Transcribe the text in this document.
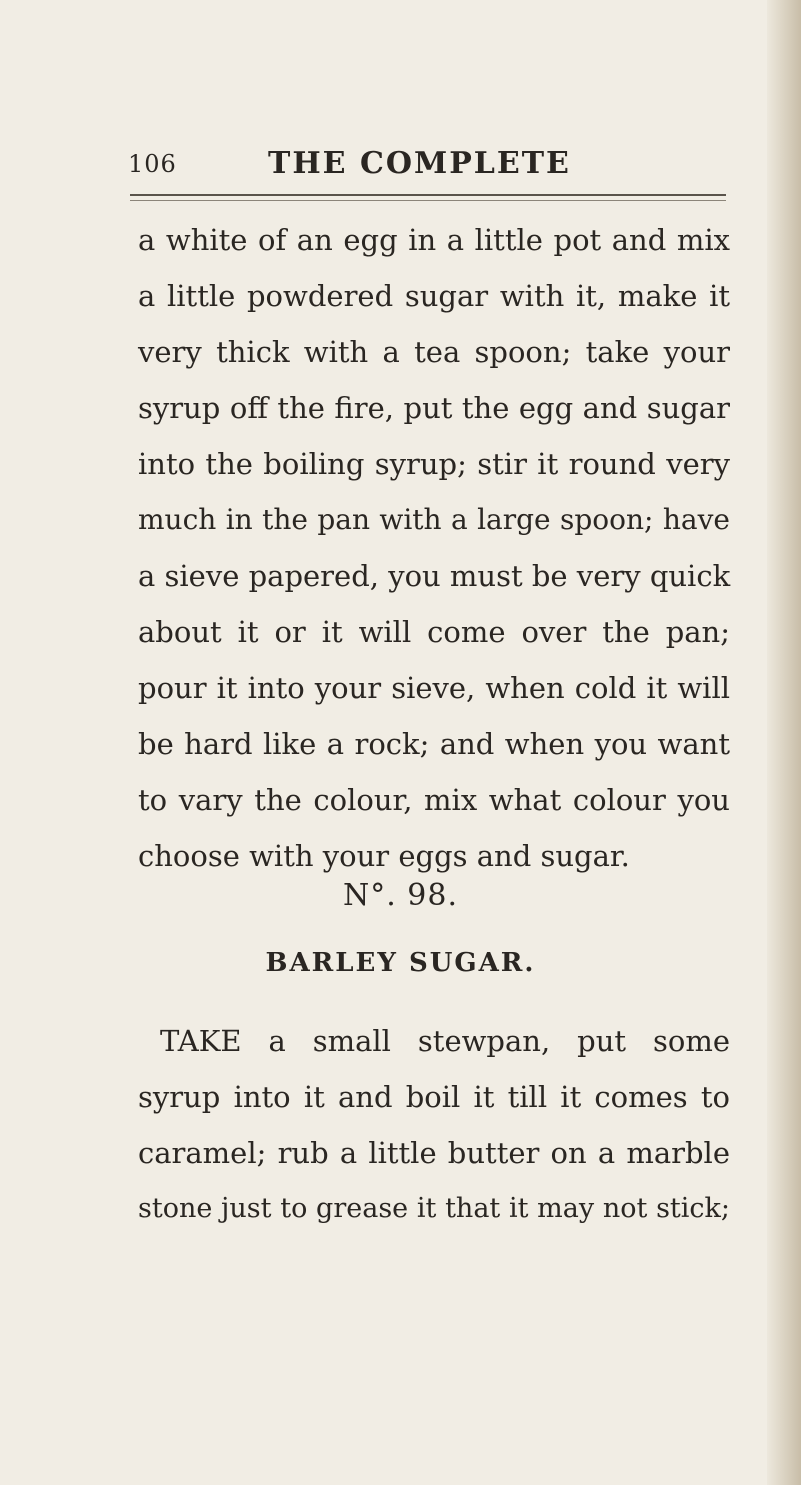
106	THE COMPLETE
a white of an egg in a little pot and mix
a little powdered sugar with it, make it
very thick with a tea spoon; take your
syrup off the fire, put the egg and sugar
into the boiling syrup; stir it round very
much in the pan with a large spoon; have
a sieve papered, you must be very quick
about it or it will come over the pan;
pour it into your sieve, when cold it will
be hard like a rock; and when you want
to vary the colour, mix what colour you
choose with your eggs and sugar.
N°. 98.
BARLEY SUGAR.
TAKE a small stewpan, put some
syrup into it and boil it till it comes to
caramel; rub a little butter on a marble
stone just to grease it that it may not stick;
